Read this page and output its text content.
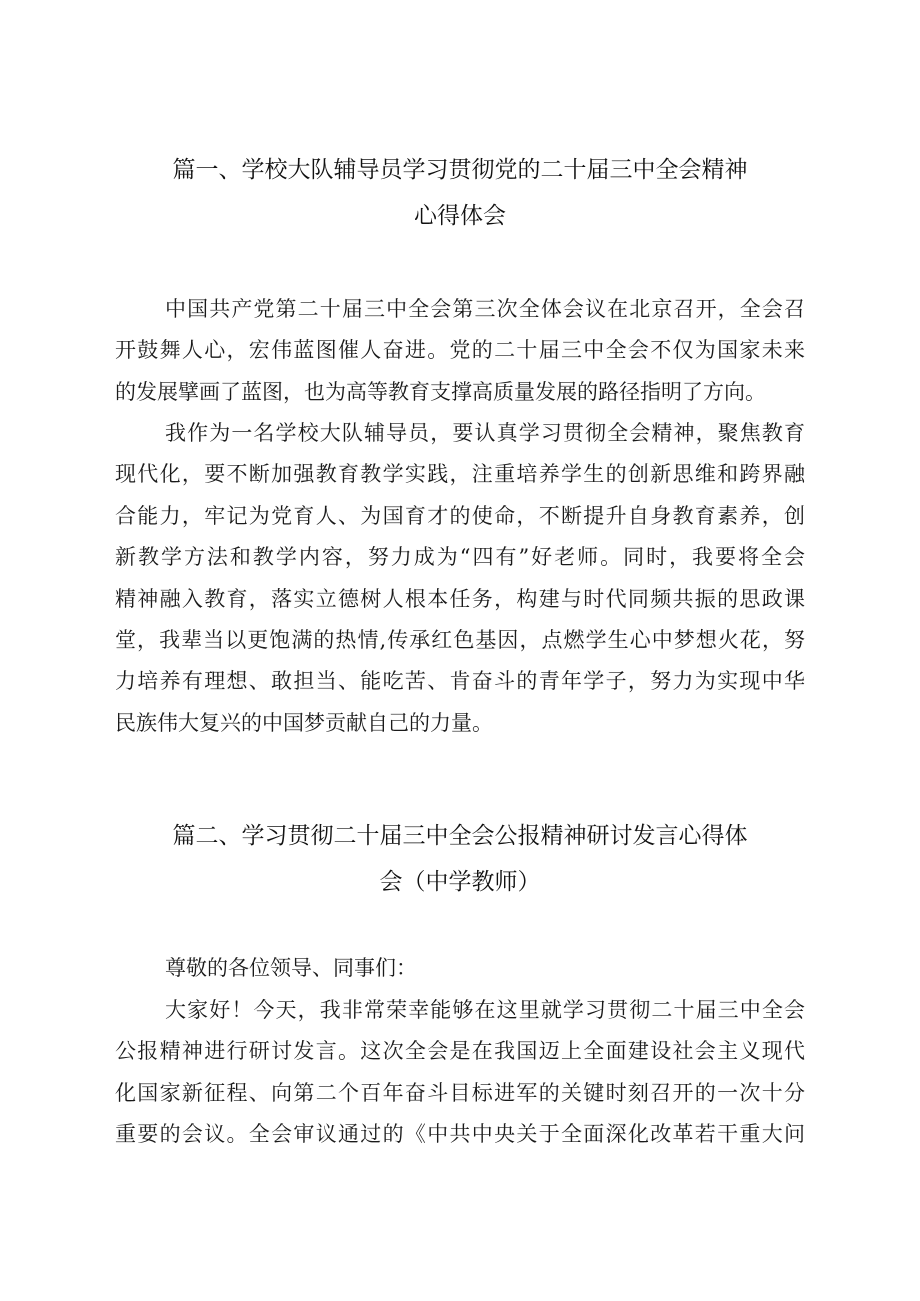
篇一、学校大队辅导员学习贯彻党的二十届三中全会精神
心得体会
中国共产党第二十届三中全会第三次全体会议在北京召开，全会召
开鼓舞人心，宏伟蓝图催人奋进。党的二十届三中全会不仅为国家未来
的发展擘画了蓝图，也为高等教育支撑高质量发展的路径指明了方向。
我作为一名学校大队辅导员，要认真学习贯彻全会精神，聚焦教育
现代化，要不断加强教育教学实践，注重培养学生的创新思维和跨界融
合能力，牢记为党育人、为国育才的使命，不断提升自身教育素养，创
新教学方法和教学内容，努力成为“四有”好老师。同时，我要将全会
精神融入教育，落实立德树人根本任务，构建与时代同频共振的思政课
堂，我辈当以更饱满的热情,传承红色基因，点燃学生心中梦想火花，努
力培养有理想、敢担当、能吃苦、肯奋斗的青年学子，努力为实现中华
民族伟大复兴的中国梦贡献自己的力量。
篇二、学习贯彻二十届三中全会公报精神研讨发言心得体
会（中学教师）
尊敬的各位领导、同事们：
大家好！今天，我非常荣幸能够在这里就学习贯彻二十届三中全会
公报精神进行研讨发言。这次全会是在我国迈上全面建设社会主义现代
化国家新征程、向第二个百年奋斗目标进军的关键时刻召开的一次十分
重要的会议。全会审议通过的《中共中央关于全面深化改革若干重大问
